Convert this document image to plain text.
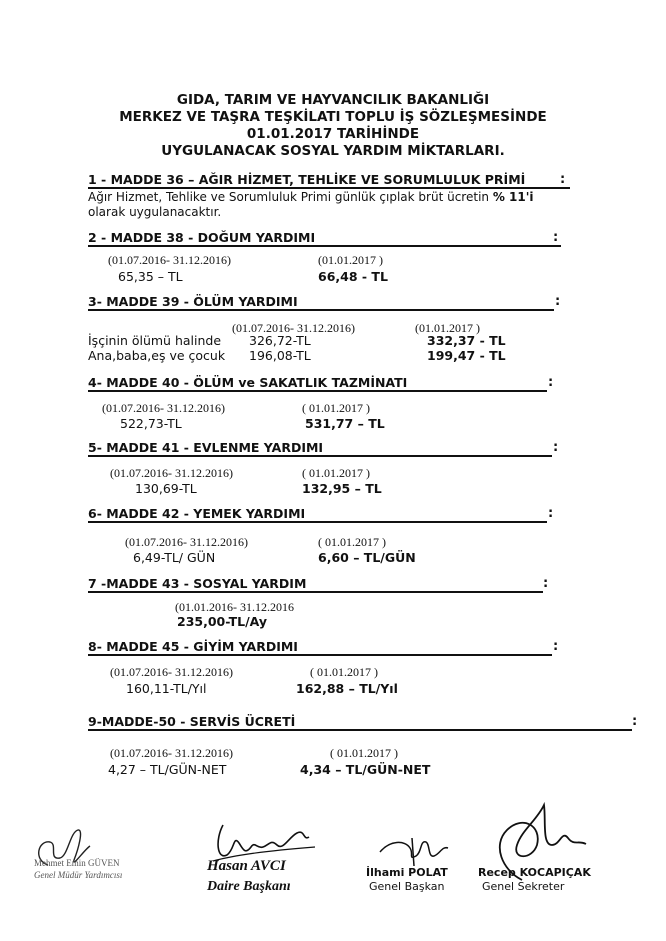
GIDA, TARIM VE HAYVANCILIK BAKANLIĞI
MERKEZ VE TAŞRA TEŞKİLATI TOPLU İŞ SÖZLEŞMESİNDE
01.01.2017 TARİHİNDE
UYGULANACAK SOSYAL YARDIM MİKTARLARI.
1 - MADDE 36 – AĞIR HİZMET, TEHLİKE VE SORUMLULUK PRİMİ	:
Ağır Hizmet, Tehlike ve Sorumluluk Primi günlük çıplak brüt ücretin % 11'i
olarak uygulanacaktır.
2 - MADDE 38 - DOĞUM YARDIMI	:
(01.07.2016- 31.12.2016)	(01.01.2017 )
65,35 – TL	66,48 - TL
3- MADDE 39 - ÖLÜM YARDIMI	:
(01.07.2016- 31.12.2016)	(01.01.2017 )
İşçinin ölümü halinde 326,72-TL	332,37 - TL
Ana,baba,eş ve çocuk 196,08-TL	199,47 - TL
4- MADDE 40 - ÖLÜM ve SAKATLIK TAZMİNATI	:
(01.07.2016- 31.12.2016)	( 01.01.2017 )
522,73-TL	531,77 – TL
5- MADDE 41 - EVLENME YARDIMI	:
(01.07.2016- 31.12.2016)	( 01.01.2017 )
130,69-TL	132,95 – TL
6- MADDE 42 - YEMEK YARDIMI	:
(01.07.2016- 31.12.2016)	( 01.01.2017 )
6,49-TL/ GÜN	6,60 – TL/GÜN
7 -MADDE 43 - SOSYAL YARDIM	:
(01.01.2016- 31.12.2016
235,00-TL/Ay
8- MADDE 45 - GİYİM YARDIMI	:
(01.07.2016- 31.12.2016)	( 01.01.2017 )
160,11-TL/Yıl	162,88 – TL/Yıl
9-MADDE-50 - SERVİS ÜCRETİ	:
(01.07.2016- 31.12.2016)	( 01.01.2017 )
4,27 – TL/GÜN-NET	4,34 – TL/GÜN-NET
Mehmet Emin GÜVEN
Genel Müdür Yardımcısı
Hasan AVCI
Daire Başkanı
İlhami POLAT
Genel Başkan
Recep KOCAPIÇAK
Genel Sekreter
